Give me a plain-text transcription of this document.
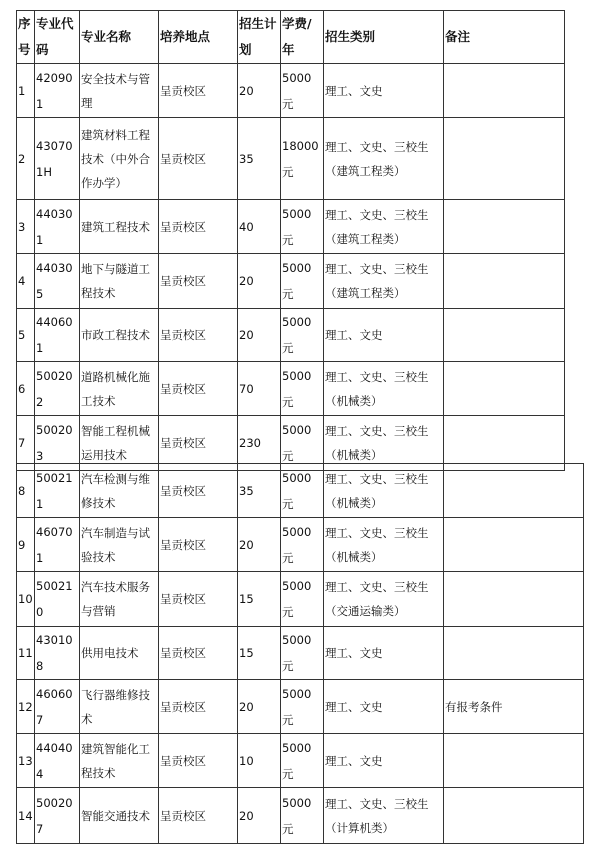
序号	专业代码	专业名称	培养地点	招生计划	学费/年	招生类别	备注
1	420901	安全技术与管理	呈贡校区	20	5000元	理工、文史	
2	430701H	建筑材料工程技术（中外合作办学）	呈贡校区	35	18000元	理工、文史、三校生（建筑工程类）	
3	440301	建筑工程技术	呈贡校区	40	5000元	理工、文史、三校生（建筑工程类）	
4	440305	地下与隧道工程技术	呈贡校区	20	5000元	理工、文史、三校生（建筑工程类）	
5	440601	市政工程技术	呈贡校区	20	5000元	理工、文史	
6	500202	道路机械化施工技术	呈贡校区	70	5000元	理工、文史、三校生（机械类）	
7	500203	智能工程机械运用技术	呈贡校区	230	5000元	理工、文史、三校生（机械类）	
8	500211	汽车检测与维修技术	呈贡校区	35	5000元	理工、文史、三校生（机械类）	
9	460701	汽车制造与试验技术	呈贡校区	20	5000元	理工、文史、三校生（机械类）	
10	500210	汽车技术服务与营销	呈贡校区	15	5000元	理工、文史、三校生（交通运输类）	
11	430108	供用电技术	呈贡校区	15	5000元	理工、文史	
12	460607	飞行器维修技术	呈贡校区	20	5000元	理工、文史	有报考条件
13	440404	建筑智能化工程技术	呈贡校区	10	5000元	理工、文史	
14	500207	智能交通技术	呈贡校区	20	5000元	理工、文史、三校生（计算机类）	
